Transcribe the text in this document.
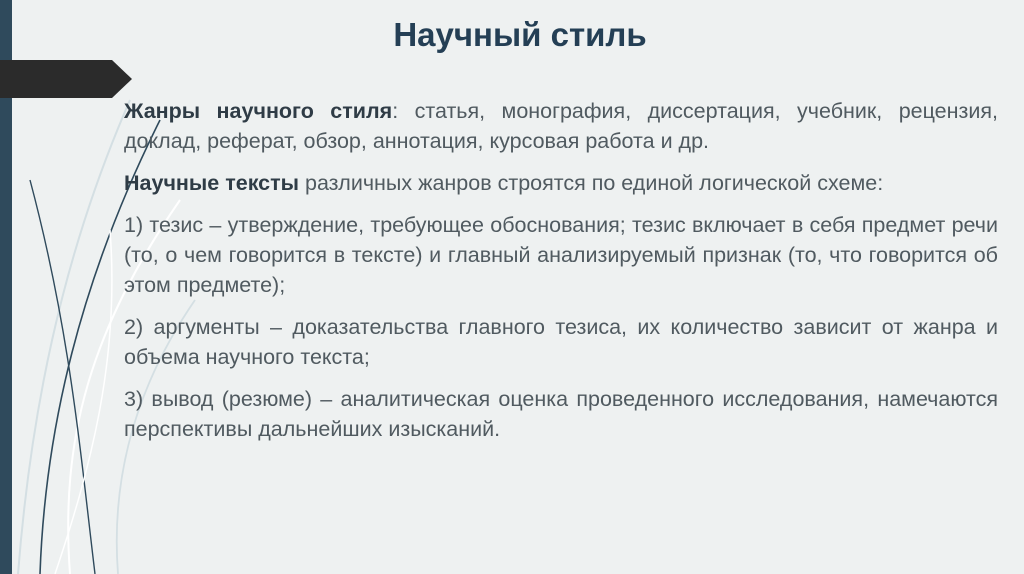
Научный стиль

Жанры научного стиля: статья, монография, диссертация, учебник, рецензия, доклад, реферат, обзор, аннотация, курсовая работа и др.

Научные тексты различных жанров строятся по единой логической схеме:

1) тезис – утверждение, требующее обоснования; тезис включает в себя предмет речи (то, о чем говорится в тексте) и главный анализируемый признак (то, что говорится об этом предмете);

2) аргументы – доказательства главного тезиса, их количество зависит от жанра и объема научного текста;

3) вывод (резюме) – аналитическая оценка проведенного исследования, намечаются перспективы дальнейших изысканий.
